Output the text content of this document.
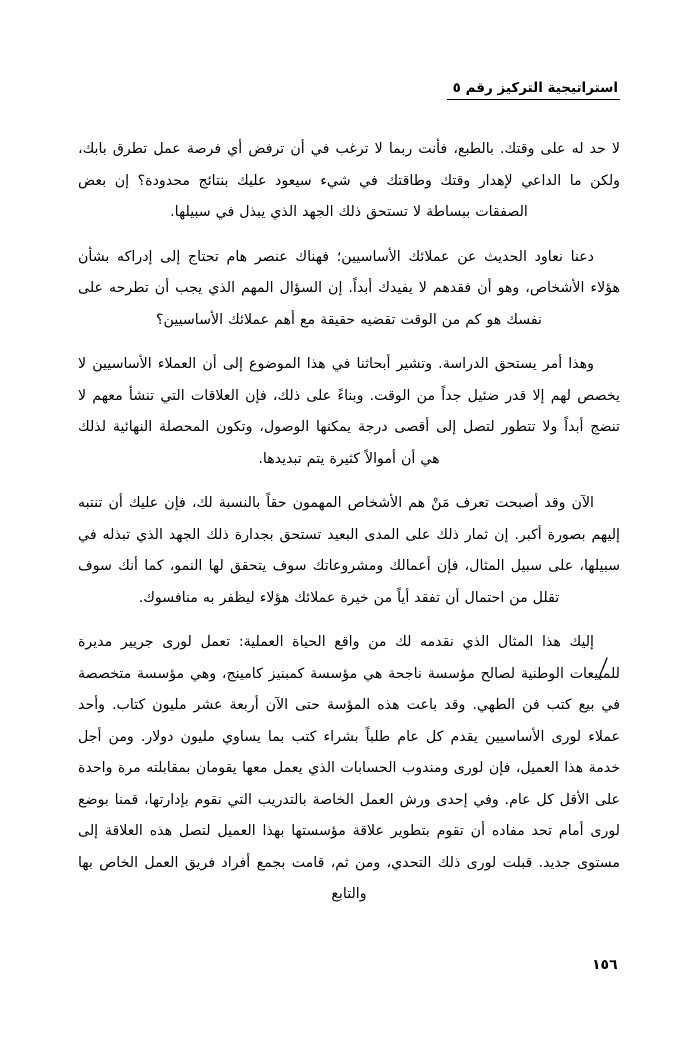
استراتيجية التركيز رقم ٥

لا حد له على وقتك. بالطبع، فأنت ربما لا ترغب في أن ترفض أي فرصة عمل تطرق بابك، ولكن ما الداعي لإهدار وقتك وطاقتك في شيء سيعود عليك بنتائج محدودة؟ إن بعض الصفقات ببساطة لا تستحق ذلك الجهد الذي يبذل في سبيلها.

دعنا نعاود الحديث عن عملائك الأساسيين؛ فهناك عنصر هام تحتاج إلى إدراكه بشأن هؤلاء الأشخاص، وهو أن فقدهم لا يفيدك أبداً. إن السؤال المهم الذي يجب أن تطرحه على نفسك هو كم من الوقت تقضيه حقيقة مع أهم عملائك الأساسيين؟

وهذا أمر يستحق الدراسة. وتشير أبحاثنا في هذا الموضوع إلى أن العملاء الأساسيين لا يخصص لهم إلا قدر ضئيل جداً من الوقت. وبناءً على ذلك، فإن العلاقات التي تنشأ معهم لا تنضج أبداً ولا تتطور لتصل إلى أقصى درجة يمكنها الوصول، وتكون المحصلة النهائية لذلك هي أن أموالاً كثيرة يتم تبديدها.

الآن وقد أصبحت تعرف مَنْ هم الأشخاص المهمون حقاً بالنسبة لك، فإن عليك أن تنتبه إليهم بصورة أكبر. إن ثمار ذلك على المدى البعيد تستحق بجدارة ذلك الجهد الذي تبذله في سبيلها، على سبيل المثال، فإن أعمالك ومشروعاتك سوف يتحقق لها النمو، كما أنك سوف تقلل من احتمال أن تفقد أياً من خيرة عملائك هؤلاء ليظفر به منافسوك.

إليك هذا المثال الذي نقدمه لك من واقع الحياة العملية: تعمل لورى جريير مديرة للمبيعات الوطنية لصالح مؤسسة ناجحة هي مؤسسة كمبنيز كامينج، وهي مؤسسة متخصصة في بيع كتب فن الطهي. وقد باعت هذه المؤسة حتى الآن أربعة عشر مليون كتاب. وأحد عملاء لورى الأساسيين يقدم كل عام طلباً بشراء كتب بما يساوي مليون دولار. ومن أجل خدمة هذا العميل، فإن لورى ومندوب الحسابات الذي يعمل معها يقومان بمقابلته مرة واحدة على الأقل كل عام. وفي إحدى ورش العمل الخاصة بالتدريب التي نقوم بإدارتها، قمنا بوضع لورى أمام تحد مفاده أن تقوم بتطوير علاقة مؤسستها بهذا العميل لتصل هذه العلاقة إلى مستوى جديد. قبلت لورى ذلك التحدي، ومن ثم، قامت بجمع أفراد فريق العمل الخاص بها والتابع

١٥٦
